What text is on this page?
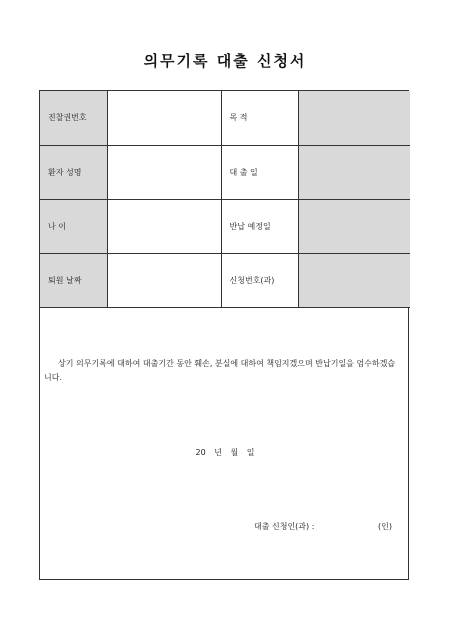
의무기록 대출 신청서
진찰권번호		목 적	
환자 성명		대 출 일	
나 이		반납 예정일	
퇴원 날짜		신청번호(과)	
상기 의무기록에 대하여 대출기간 동안 훼손, 분실에 대하여 책임지겠으며 반납기일을 엄수하겠습니다.
20 년 월 일
대출 신청인(과) :	(인)
